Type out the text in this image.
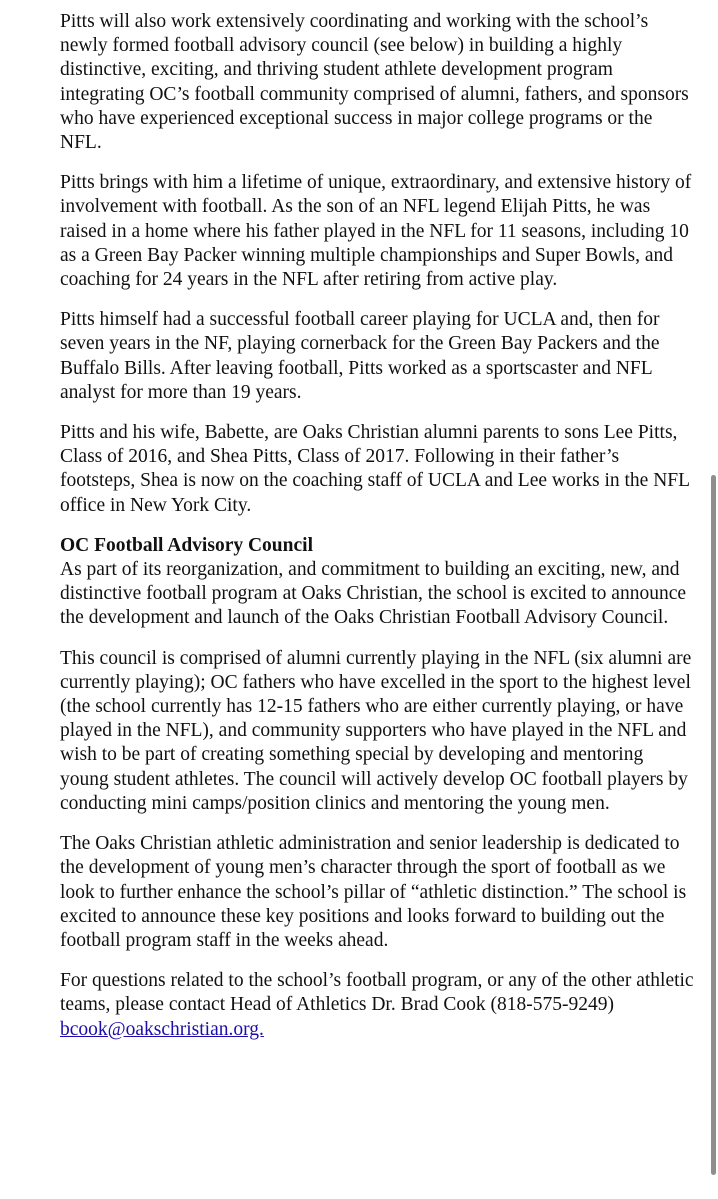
Pitts will also work extensively coordinating and working with the school’s newly formed football advisory council (see below) in building a highly distinctive, exciting, and thriving student athlete development program integrating OC’s football community comprised of alumni, fathers, and sponsors who have experienced exceptional success in major college programs or the NFL.

Pitts brings with him a lifetime of unique, extraordinary, and extensive history of involvement with football. As the son of an NFL legend Elijah Pitts, he was raised in a home where his father played in the NFL for 11 seasons, including 10 as a Green Bay Packer winning multiple championships and Super Bowls, and coaching for 24 years in the NFL after retiring from active play.

Pitts himself had a successful football career playing for UCLA and, then for seven years in the NF, playing cornerback for the Green Bay Packers and the Buffalo Bills. After leaving football, Pitts worked as a sportscaster and NFL analyst for more than 19 years.

Pitts and his wife, Babette, are Oaks Christian alumni parents to sons Lee Pitts, Class of 2016, and Shea Pitts, Class of 2017. Following in their father’s footsteps, Shea is now on the coaching staff of UCLA and Lee works in the NFL office in New York City.

OC Football Advisory Council
As part of its reorganization, and commitment to building an exciting, new, and distinctive football program at Oaks Christian, the school is excited to announce the development and launch of the Oaks Christian Football Advisory Council.

This council is comprised of alumni currently playing in the NFL (six alumni are currently playing); OC fathers who have excelled in the sport to the highest level (the school currently has 12-15 fathers who are either currently playing, or have played in the NFL), and community supporters who have played in the NFL and wish to be part of creating something special by developing and mentoring young student athletes. The council will actively develop OC football players by conducting mini camps/position clinics and mentoring the young men.

The Oaks Christian athletic administration and senior leadership is dedicated to the development of young men’s character through the sport of football as we look to further enhance the school’s pillar of “athletic distinction.” The school is excited to announce these key positions and looks forward to building out the football program staff in the weeks ahead.

For questions related to the school’s football program, or any of the other athletic teams, please contact Head of Athletics Dr. Brad Cook (818-575-9249) bcook@oakschristian.org.
